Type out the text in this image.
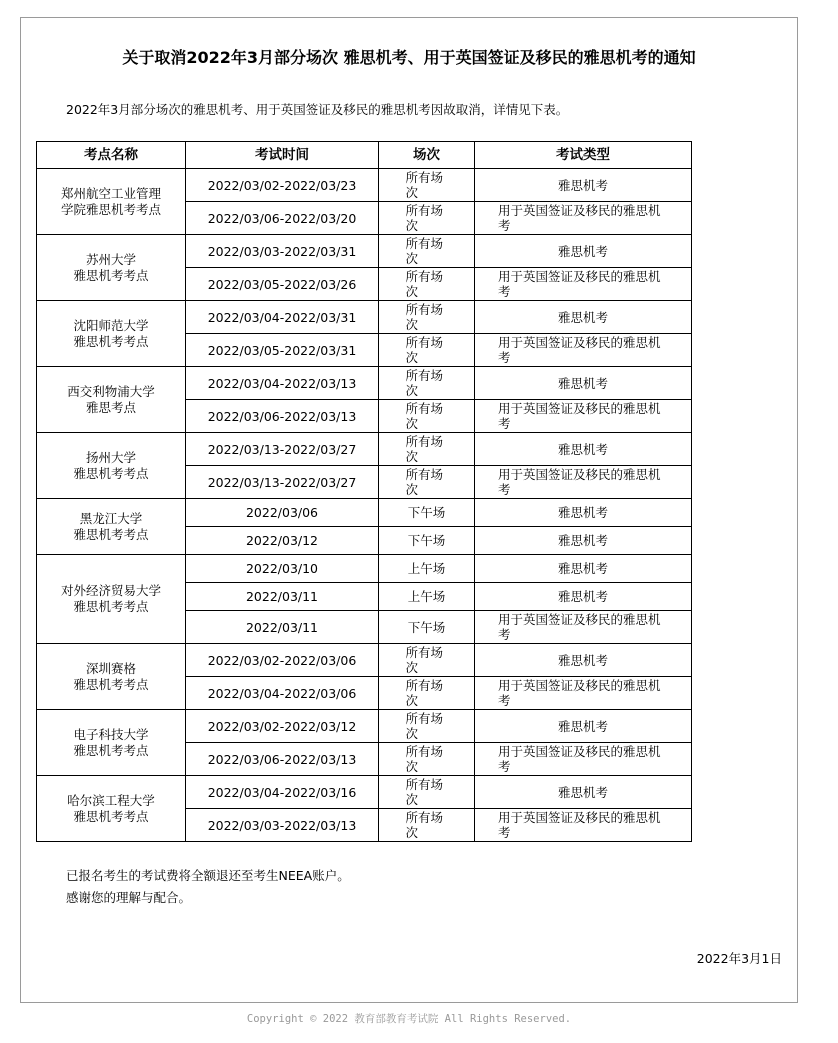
关于取消2022年3月部分场次 雅思机考、用于英国签证及移民的雅思机考的通知
2022年3月部分场次的雅思机考、用于英国签证及移民的雅思机考因故取消，详情见下表。
考点名称	考试时间	场次	考试类型
郑州航空工业管理学院雅思机考考点	2022/03/02-2022/03/23	所有场次	雅思机考

	2022/03/06-2022/03/20	所有场次	用于英国签证及移民的雅思机考

苏州大学
雅思机考考点	2022/03/03-2022/03/31	所有场次	雅思机考

	2022/03/05-2022/03/26	所有场次	用于英国签证及移民的雅思机考

沈阳师范大学
雅思机考考点	2022/03/04-2022/03/31	所有场次	雅思机考

	2022/03/05-2022/03/31	所有场次	用于英国签证及移民的雅思机考

西交利物浦大学
雅思考点	2022/03/04-2022/03/13	所有场次	雅思机考

	2022/03/06-2022/03/13	所有场次	用于英国签证及移民的雅思机考

扬州大学
雅思机考考点	2022/03/13-2022/03/27	所有场次	雅思机考

	2022/03/13-2022/03/27	所有场次	用于英国签证及移民的雅思机考

黑龙江大学
雅思机考考点	2022/03/06	下午场	雅思机考

	2022/03/12	下午场	雅思机考

对外经济贸易大学
雅思机考考点	2022/03/10	上午场	雅思机考

	2022/03/11	上午场	雅思机考

	2022/03/11	下午场	用于英国签证及移民的雅思机考

深圳赛格
雅思机考考点	2022/03/02-2022/03/06	所有场次	雅思机考

	2022/03/04-2022/03/06	所有场次	用于英国签证及移民的雅思机考

电子科技大学
雅思机考考点	2022/03/02-2022/03/12	所有场次	雅思机考

	2022/03/06-2022/03/13	所有场次	用于英国签证及移民的雅思机考

哈尔滨工程大学
雅思机考考点	2022/03/04-2022/03/16	所有场次	雅思机考

	2022/03/03-2022/03/13	所有场次	用于英国签证及移民的雅思机考
已报名考生的考试费将全额退还至考生NEEA账户。
感谢您的理解与配合。
2022年3月1日
Copyright © 2022 教育部教育考试院 All Rights Reserved.
